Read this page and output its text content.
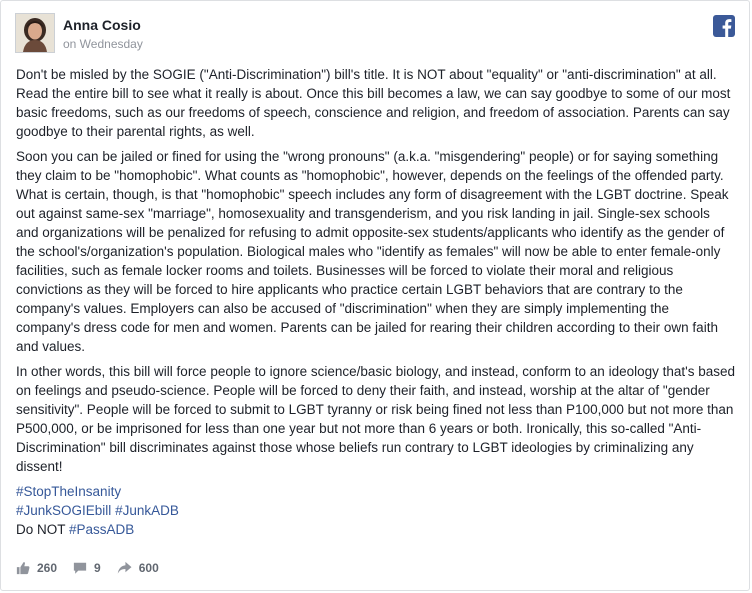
Anna Cosio
on Wednesday

Don't be misled by the SOGIE ("Anti-Discrimination") bill's title. It is NOT about "equality" or "anti-discrimination" at all. Read the entire bill to see what it really is about. Once this bill becomes a law, we can say goodbye to some of our most basic freedoms, such as our freedoms of speech, conscience and religion, and freedom of association. Parents can say goodbye to their parental rights, as well.

Soon you can be jailed or fined for using the "wrong pronouns" (a.k.a. "misgendering" people) or for saying something they claim to be "homophobic". What counts as "homophobic", however, depends on the feelings of the offended party. What is certain, though, is that "homophobic" speech includes any form of disagreement with the LGBT doctrine. Speak out against same-sex "marriage", homosexuality and transgenderism, and you risk landing in jail. Single-sex schools and organizations will be penalized for refusing to admit opposite-sex students/applicants who identify as the gender of the school's/organization's population. Biological males who "identify as females" will now be able to enter female-only facilities, such as female locker rooms and toilets. Businesses will be forced to violate their moral and religious convictions as they will be forced to hire applicants who practice certain LGBT behaviors that are contrary to the company's values. Employers can also be accused of "discrimination" when they are simply implementing the company's dress code for men and women. Parents can be jailed for rearing their children according to their own faith and values.

In other words, this bill will force people to ignore science/basic biology, and instead, conform to an ideology that's based on feelings and pseudo-science. People will be forced to deny their faith, and instead, worship at the altar of "gender sensitivity". People will be forced to submit to LGBT tyranny or risk being fined not less than P100,000 but not more than P500,000, or be imprisoned for less than one year but not more than 6 years or both. Ironically, this so-called "Anti-Discrimination" bill discriminates against those whose beliefs run contrary to LGBT ideologies by criminalizing any dissent!

#StopTheInsanity
#JunkSOGIEbill #JunkADB
Do NOT #PassADB
260	9	600
